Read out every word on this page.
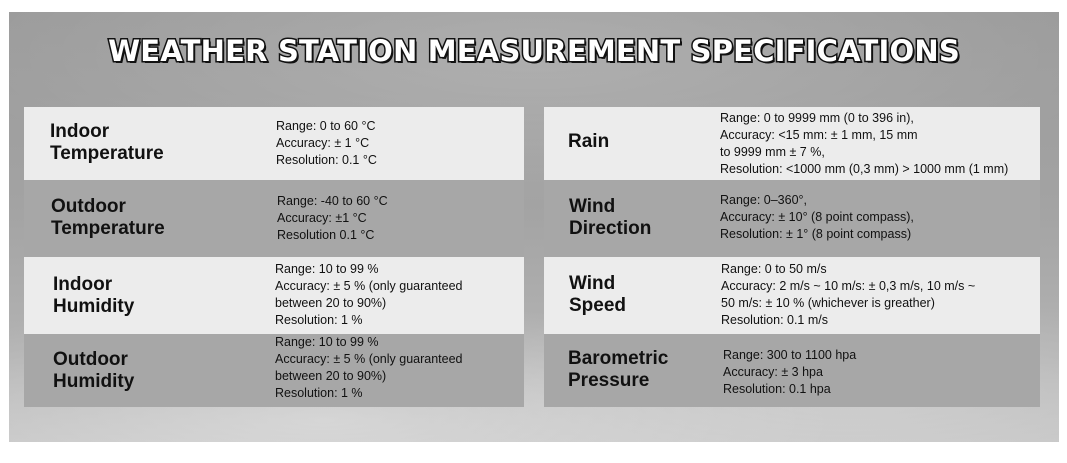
WEATHER STATION MEASUREMENT SPECIFICATIONS
Indoor
Temperature
Range: 0 to 60 °C
Accuracy: ± 1 °C
Resolution: 0.1 °C
Outdoor
Temperature
Range: -40 to 60 °C
Accuracy: ±1 °C
Resolution 0.1 °C
Indoor
Humidity
Range: 10 to 99 %
Accuracy: ± 5 % (only guaranteed
between 20 to 90%)
Resolution: 1 %
Outdoor
Humidity
Range: 10 to 99 %
Accuracy: ± 5 % (only guaranteed
between 20 to 90%)
Resolution: 1 %
Rain
Range: 0 to 9999 mm (0 to 396 in),
Accuracy: <15 mm: ± 1 mm, 15 mm
to 9999 mm ± 7 %,
Resolution: <1000 mm (0,3 mm) > 1000 mm (1 mm)
Wind
Direction
Range: 0–360°,
Accuracy: ± 10° (8 point compass),
Resolution: ± 1° (8 point compass)
Wind
Speed
Range: 0 to 50 m/s
Accuracy: 2 m/s ~ 10 m/s: ± 0,3 m/s, 10 m/s ~
50 m/s: ± 10 % (whichever is greather)
Resolution: 0.1 m/s
Barometric
Pressure
Range: 300 to 1100 hpa
Accuracy: ± 3 hpa
Resolution: 0.1 hpa
